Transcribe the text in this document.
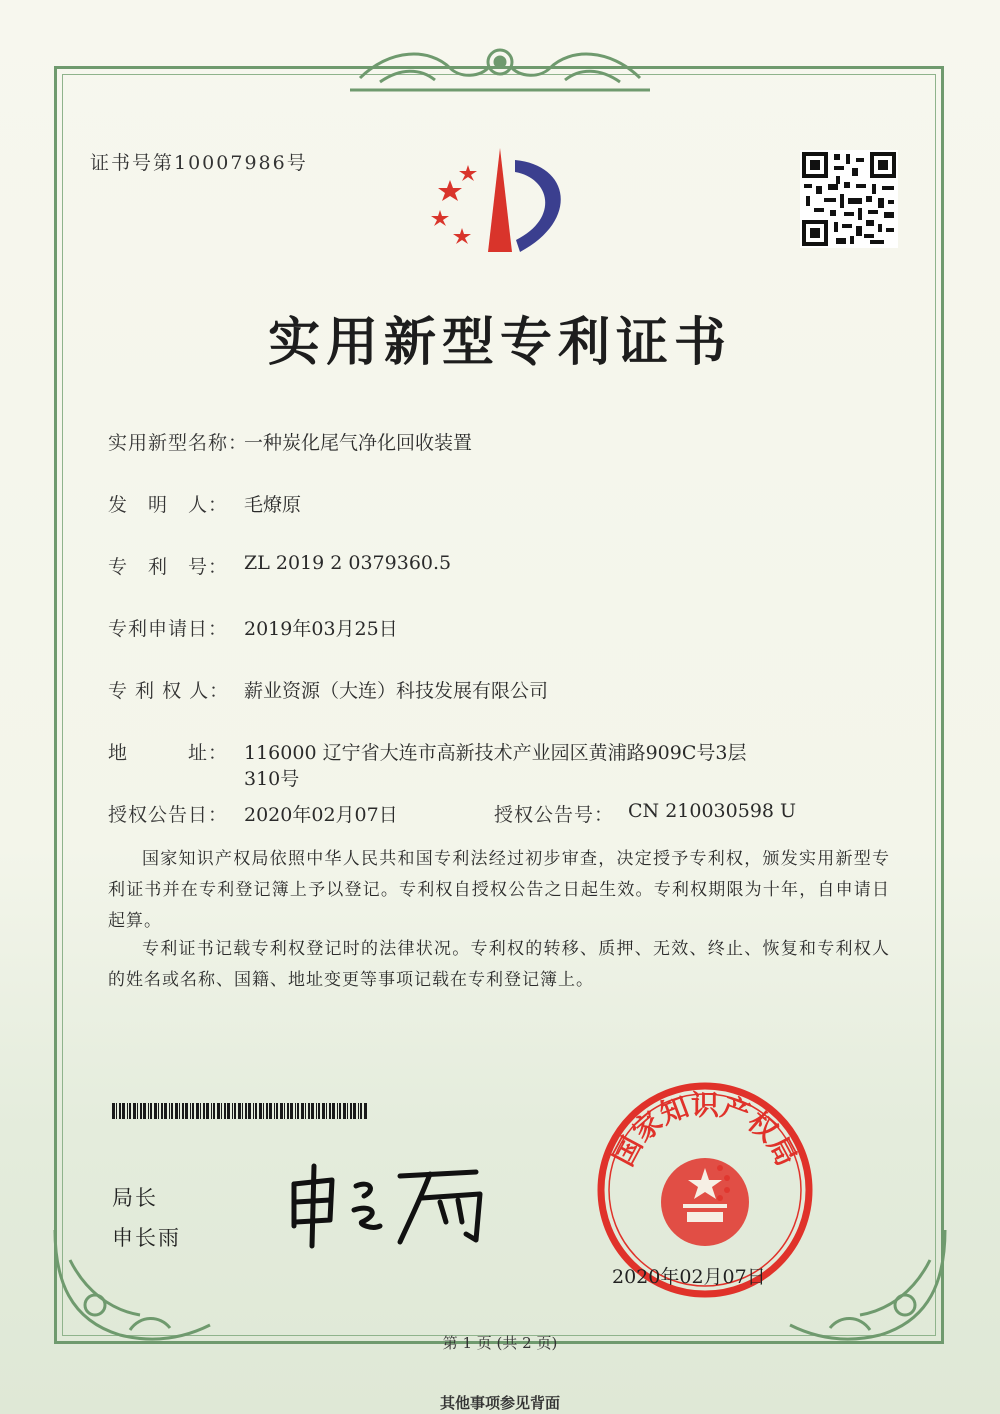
证书号第10007986号
实用新型专利证书
实用新型名称：
一种炭化尾气净化回收装置
发　明　人： 毛燎原
专　利　号： ZL 2019 2 0379360.5
专利申请日： 2019年03月25日
专 利 权 人： 薪业资源（大连）科技发展有限公司
地　　　址： 116000 辽宁省大连市高新技术产业园区黄浦路909C号3层
310号
授权公告日： 2020年02月07日	授权公告号： CN 210030598 U
国家知识产权局依照中华人民共和国专利法经过初步审查，决定授予专利权，颁发实用新型专利证书并在专利登记簿上予以登记。专利权自授权公告之日起生效。专利权期限为十年，自申请日起算。
专利证书记载专利权登记时的法律状况。专利权的转移、质押、无效、终止、恢复和专利权人的姓名或名称、国籍、地址变更等事项记载在专利登记簿上。
局长
申长雨
国家知识产权局
2020年02月07日
第 1 页 (共 2 页)
其他事项参见背面
